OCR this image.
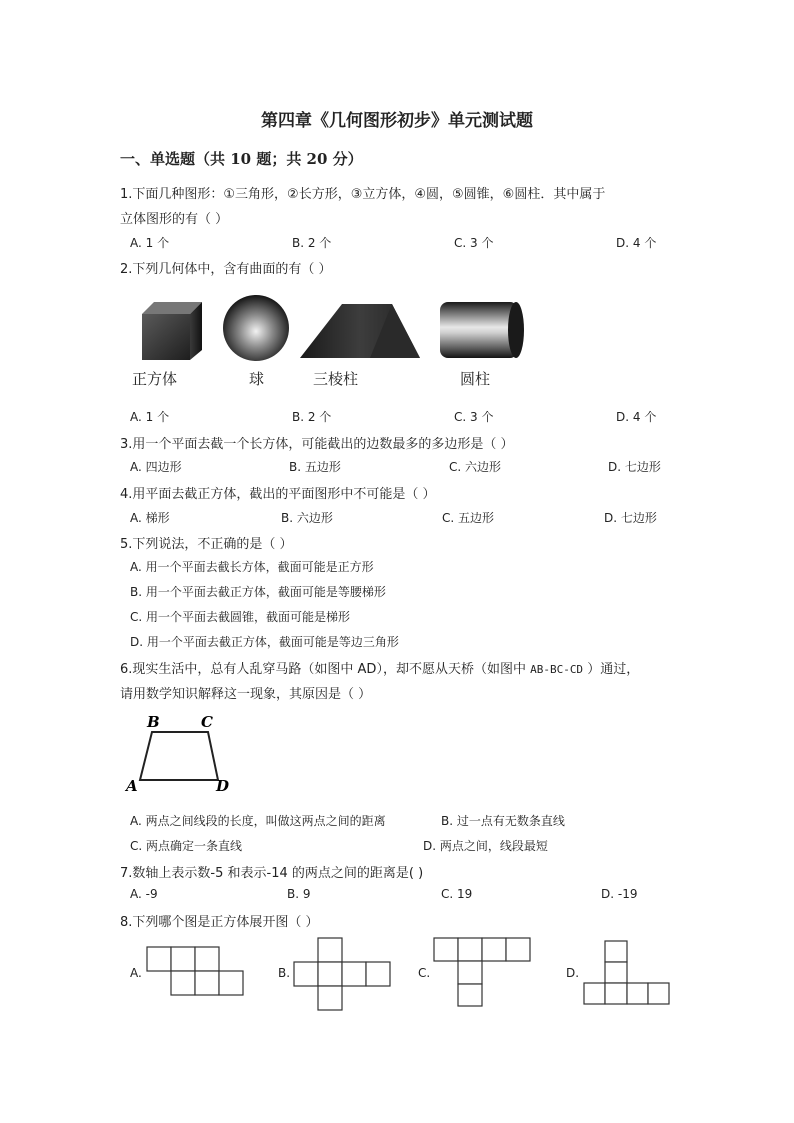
第四章《几何图形初步》单元测试题
一、单选题（共 10 题；共 20 分）
1.下面几种图形：①三角形，②长方形，③立方体，④圆，⑤圆锥，⑥圆柱．其中属于
立体图形的有（ ）
A. 1 个	B. 2 个	C. 3 个	D. 4 个
2.下列几何体中，含有曲面的有（ ）
正方体	球	三棱柱	圆柱
A. 1 个	B. 2 个	C. 3 个	D. 4 个
3.用一个平面去截一个长方体，可能截出的边数最多的多边形是（ ）
A. 四边形	B. 五边形	C. 六边形	D. 七边形
4.用平面去截正方体，截出的平面图形中不可能是（ ）
A. 梯形	B. 六边形	C. 五边形	D. 七边形
5.下列说法，不正确的是（ ）
A. 用一个平面去截长方体，截面可能是正方形
B. 用一个平面去截正方体，截面可能是等腰梯形
C. 用一个平面去截圆锥，截面可能是梯形
D. 用一个平面去截正方体，截面可能是等边三角形
6.现实生活中，总有人乱穿马路（如图中 AD），却不愿从天桥（如图中 AB-BC-CD ）通过，
请用数学知识解释这一现象，其原因是（ ）
B	C
A	D
A. 两点之间线段的长度，叫做这两点之间的距离	B. 过一点有无数条直线
C. 两点确定一条直线	D. 两点之间，线段最短
7.数轴上表示数-5 和表示-14 的两点之间的距离是( )
A. -9	B. 9	C. 19	D. -19
8.下列哪个图是正方体展开图（ ）
A.	B.	C.	D.
